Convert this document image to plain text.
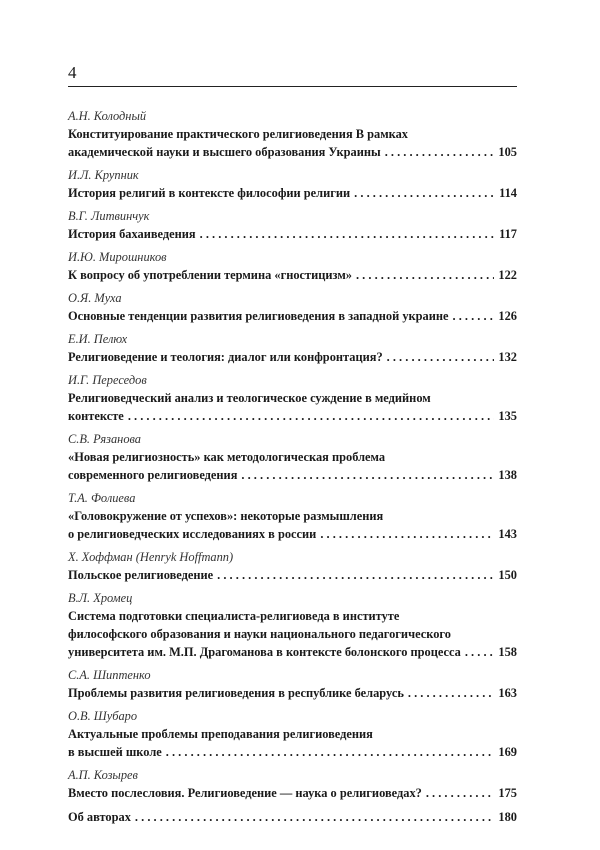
4
А.Н. Колодный
Конституирование практического религиоведения В рамках
академической науки и высшего образования Украины . . .	105
И.Л. Крупник
История религий в контексте философии религии . . .	114
В.Г. Литвинчук
История бахаиведения . . .	117
И.Ю. Мирошников
К вопросу об употреблении термина «гностицизм» . . .	122
О.Я. Муха
Основные тенденции развития религиоведения в западной украине . . .	126
Е.И. Пелюх
Религиоведение и теология: диалог или конфронтация? . . .	132
И.Г. Переседов
Религиоведческий анализ и теологическое суждение в медийном
контексте . . .	135
С.В. Рязанова
«Новая религиозность» как методологическая проблема
современного религиоведения . . .	138
Т.А. Фолиева
«Головокружение от успехов»: некоторые размышления
о религиоведческих исследованиях в россии . . .	143
Х. Хоффман (Henryk Hoffmann)
Польское религиоведение . . .	150
В.Л. Хромец
Система подготовки специалиста-религиоведа в институте
философского образования и науки национального педагогического
университета им. М.П. Драгоманова в контексте болонского процесса . . .	158
С.А. Шиптенко
Проблемы развития религиоведения в республике беларусь . . .	163
О.В. Шубаро
Актуальные проблемы преподавания религиоведения
в высшей школе . . .	169
А.П. Козырев
Вместо послесловия. Религиоведение — наука о религиоведах? . . .	175
Об авторах . . .	180
